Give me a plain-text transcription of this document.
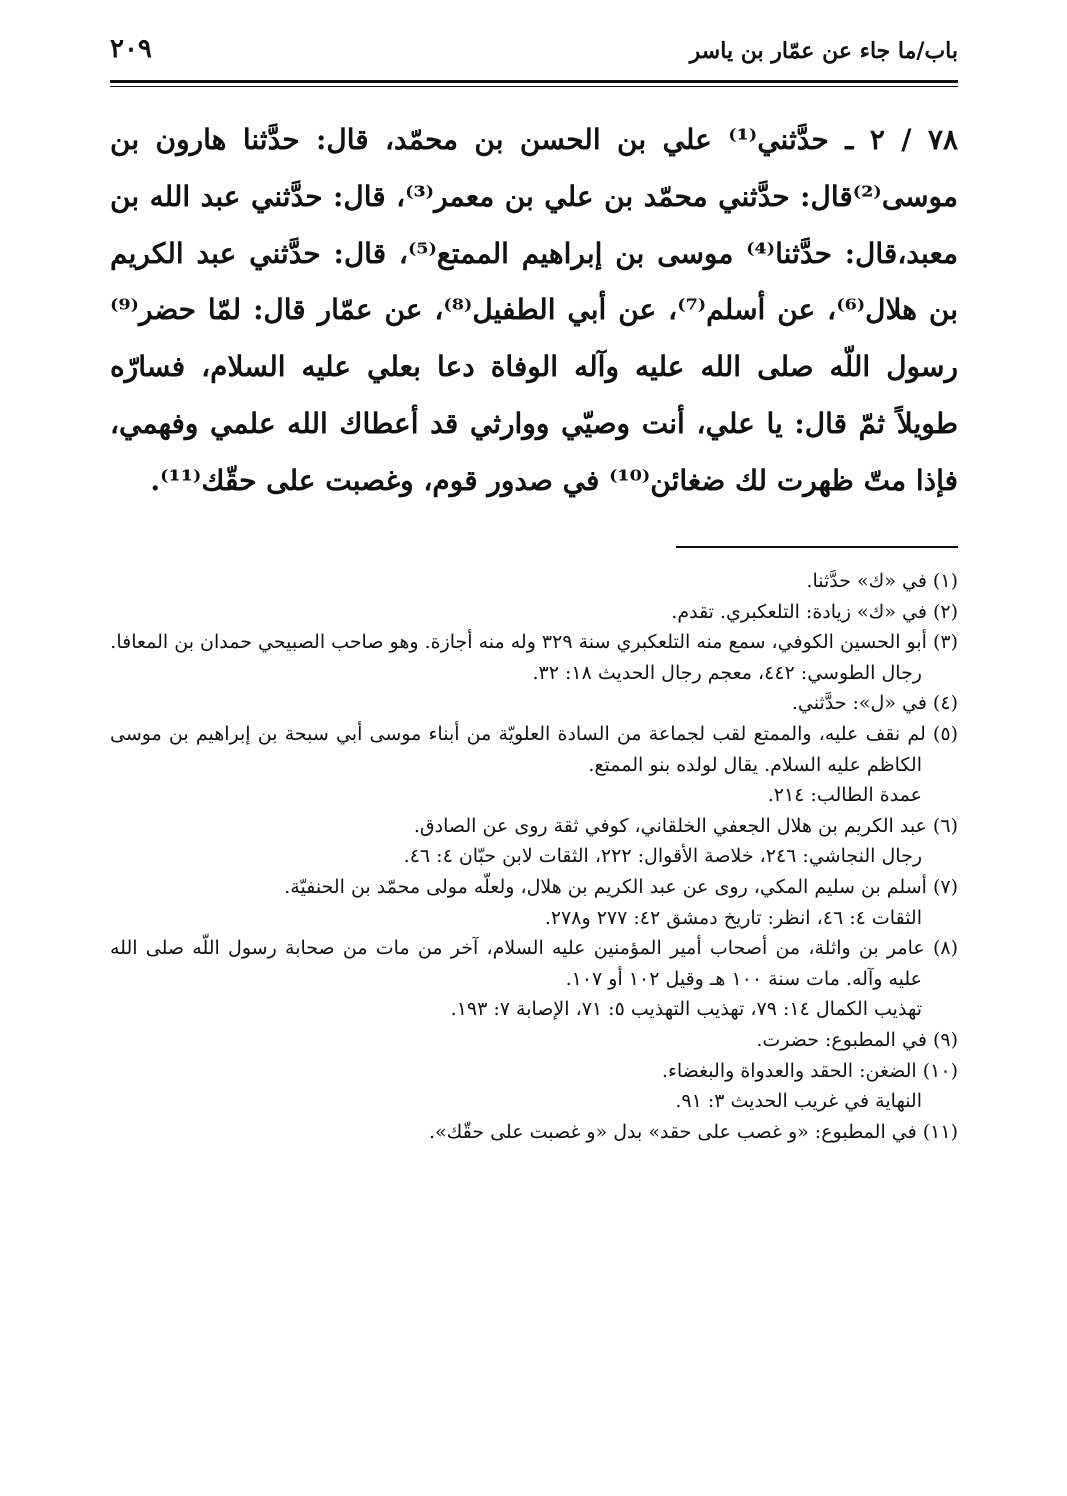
باب/ما جاء عن عمّار بن ياسر
٢٠٩

٧٨ / ٢ ـ حدَّثني⁽¹⁾ علي بن الحسن بن محمّد، قال: حدَّثنا هارون بن موسى⁽²⁾قال: حدَّثني محمّد بن علي بن معمر⁽³⁾، قال: حدَّثني عبد الله بن معبد،قال: حدَّثنا⁽⁴⁾ موسى بن إبراهيم الممتع⁽⁵⁾، قال: حدَّثني عبد الكريم بن هلال⁽⁶⁾، عن أسلم⁽⁷⁾، عن أبي الطفيل⁽⁸⁾، عن عمّار قال: لمّا حضر⁽⁹⁾ رسول اللّه صلى الله عليه وآله الوفاة دعا بعلي عليه السلام، فسارّه طويلاً ثمّ قال: يا علي، أنت وصيّي ووارثي قد أعطاك الله علمي وفهمي، فإذا متّ ظهرت لك ضغائن⁽¹⁰⁾ في صدور قوم، وغصبت على حقّك⁽¹¹⁾.

(١) في «ك» حدَّثنا.

(٢) في «ك» زيادة: التلعكبري. تقدم.

(٣) أبو الحسين الكوفي، سمع منه التلعكبري سنة ٣٢٩ وله منه أجازة. وهو صاحب الصبيحي حمدان بن المعافا.

رجال الطوسي: ٤٤٢، معجم رجال الحديث ١٨: ٣٢.

(٤) في «ل»: حدَّثني.

(٥) لم نقف عليه، والممتع لقب لجماعة من السادة العلويّة من أبناء موسى أبي سبحة بن إبراهيم بن موسى الكاظم عليه السلام. يقال لولده بنو الممتع.

عمدة الطالب: ٢١٤.

(٦) عبد الكريم بن هلال الجعفي الخلقاني، كوفي ثقة روى عن الصادق.

رجال النجاشي: ٢٤٦، خلاصة الأقوال: ٢٢٢، الثقات لابن حبّان ٤: ٤٦.

(٧) أسلم بن سليم المكي، روى عن عبد الكريم بن هلال، ولعلّه مولى محمّد بن الحنفيّة.

الثقات ٤: ٤٦، انظر: تاريخ دمشق ٤٢: ٢٧٧ و٢٧٨.

(٨) عامر بن واثلة، من أصحاب أمير المؤمنين عليه السلام، آخر من مات من صحابة رسول اللّه صلى الله عليه وآله. مات سنة ١٠٠ هـ وقيل ١٠٢ أو ١٠٧.

تهذيب الكمال ١٤: ٧٩، تهذيب التهذيب ٥: ٧١، الإصابة ٧: ١٩٣.

(٩) في المطبوع: حضرت.

(١٠) الضغن: الحقد والعدواة والبغضاء.

النهاية في غريب الحديث ٣: ٩١.

(١١) في المطبوع: «و غصب على حقد» بدل «و غصبت على حقّك».
